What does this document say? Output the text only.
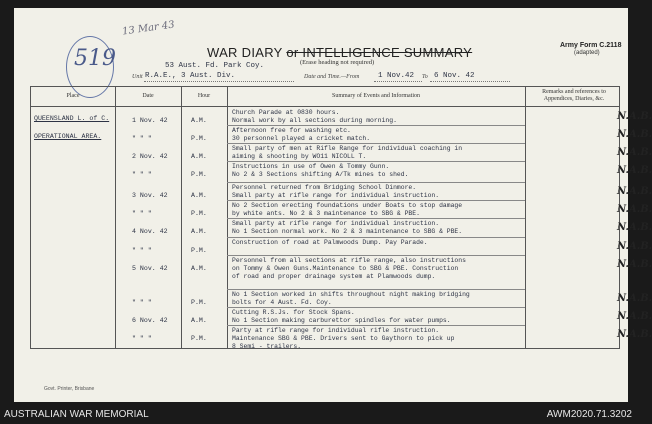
13 Mar 43
519	WAR DIARY or INTELLIGENCE SUMMARY
(Erase heading not required)
Army Form C.2118
(adapted)
53 Aust. Fd. Park Coy.
Unit R.A.E., 3 Aust. Div.	Date and Time.—From 1 Nov.42 To 6 Nov. 42
Place	Date	Hour	Summary of Events and Information
Remarks and references to Appendices, Diaries, &c.
QUEENSLAND L. of C.
OPERATIONAL AREA.
1 Nov. 42	A.M.
Church Parade at 0830 hours.
Normal work by all sections during morning.	N.A.B.
" " "	P.M.
Afternoon free for washing etc.
30 personnel played a cricket match.	N.A.B.
2 Nov. 42	A.M.
Small party of men at Rifle Range for individual coaching in
aiming & shooting by WO11 NICOLL T.	N.A.B.
" " "	P.M.
Instructions in use of Owen & Tommy Gunn.
No 2 & 3 Sections shifting A/Tk mines to shed.	N.A.B.
3 Nov. 42	A.M.
Personnel returned from Bridging School Dinmore.
Small party at rifle range for individual instruction.	N.A.B.
" " "	P.M.
No 2 Section erecting foundations under Boats to stop damage
by white ants. No 2 & 3 maintenance to SBG & PBE.	N.A.B.
4 Nov. 42	A.M.
Small party at rifle range for individual instruction.
No 1 Section normal work. No 2 & 3 maintenance to SBG & PBE.	N.A.B.
" " "	P.M.
Construction of road at Palmwoods Dump. Pay Parade.	N.A.B.
5 Nov. 42	A.M.
Personnel from all sections at rifle range, also instructions
on Tommy & Owen Guns.Maintenance to SBG & PBE. Construction
of road and proper drainage system at Plamwoods dump.
N.A.B.
" " "	P.M.
No 1 Section worked in shifts throughout night making bridging
bolts for 4 Aust. Fd. Coy.	N.A.B.
6 Nov. 42	A.M.
Cutting R.S.Js. for Stock Spans.
No 1 Section making carburettor spindles for water pumps.	N.A.B.
" " "	P.M.
Party at rifle range for individual rifle instruction.
Maintenance SBG & PBE. Drivers sent to Gaythorn to pick up
8 Semi - trailers.
N.A.B.
Govt. Printer, Brisbane
AUSTRALIAN WAR MEMORIAL	AWM2020.71.3202
